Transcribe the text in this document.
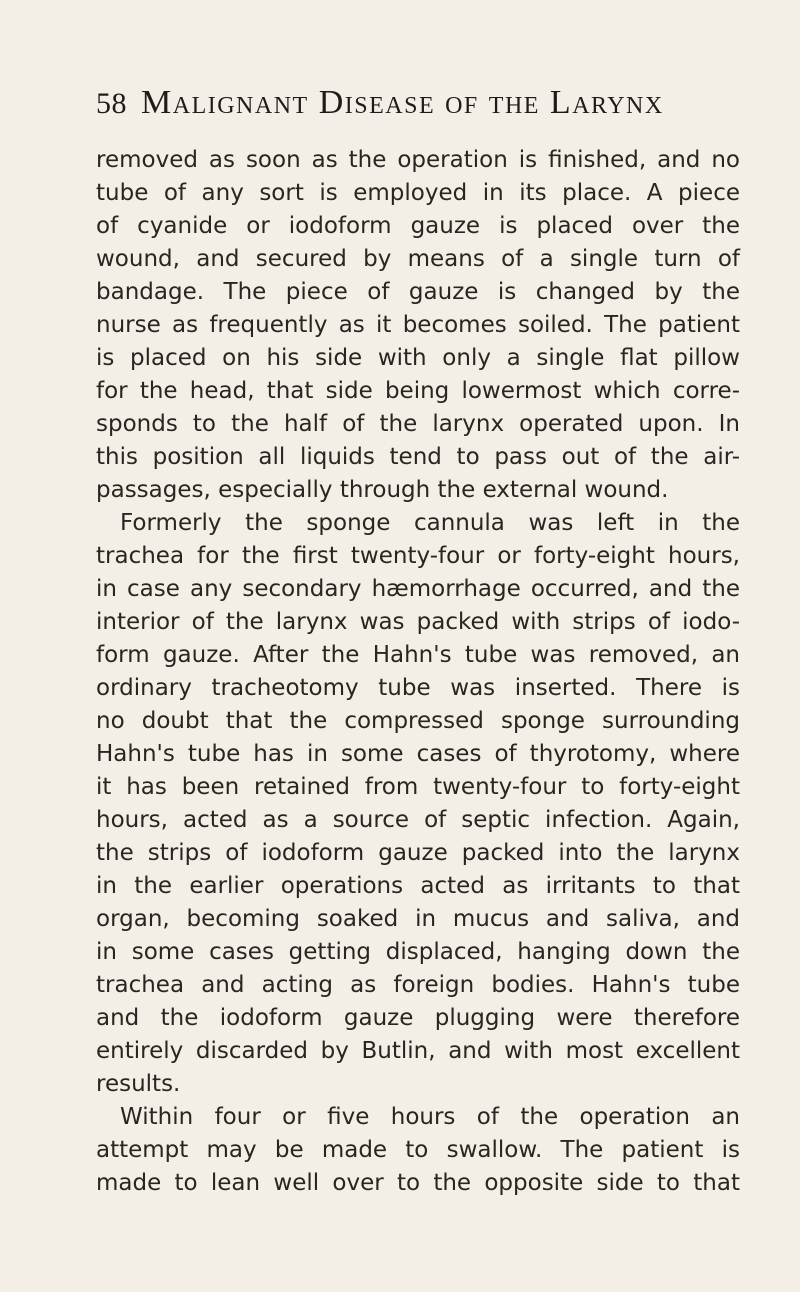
58 Malignant Disease of the Larynx
removed as soon as the operation is finished, and no
tube of any sort is employed in its place. A piece
of cyanide or iodoform gauze is placed over the
wound, and secured by means of a single turn of
bandage. The piece of gauze is changed by the
nurse as frequently as it becomes soiled. The patient
is placed on his side with only a single flat pillow
for the head, that side being lowermost which corre-
sponds to the half of the larynx operated upon. In
this position all liquids tend to pass out of the air-
passages, especially through the external wound.
Formerly the sponge cannula was left in the
trachea for the first twenty-four or forty-eight hours,
in case any secondary hæmorrhage occurred, and the
interior of the larynx was packed with strips of iodo-
form gauze. After the Hahn's tube was removed, an
ordinary tracheotomy tube was inserted. There is
no doubt that the compressed sponge surrounding
Hahn's tube has in some cases of thyrotomy, where
it has been retained from twenty-four to forty-eight
hours, acted as a source of septic infection. Again,
the strips of iodoform gauze packed into the larynx
in the earlier operations acted as irritants to that
organ, becoming soaked in mucus and saliva, and
in some cases getting displaced, hanging down the
trachea and acting as foreign bodies. Hahn's tube
and the iodoform gauze plugging were therefore
entirely discarded by Butlin, and with most excellent
results.
Within four or five hours of the operation an
attempt may be made to swallow. The patient is
made to lean well over to the opposite side to that
